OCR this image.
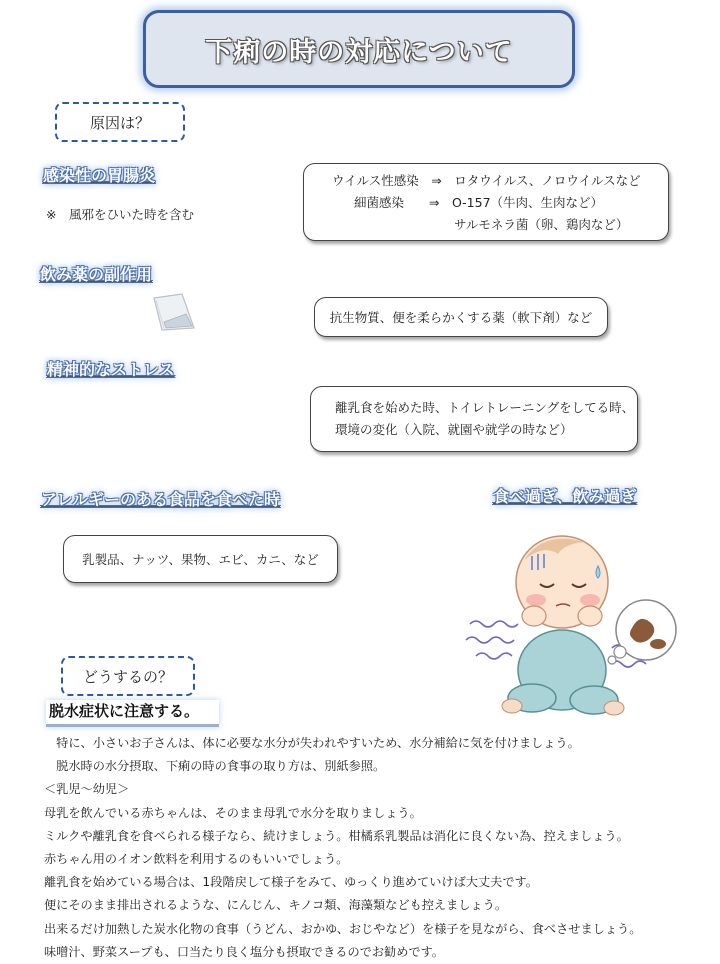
下痢の時の対応について
原因は？
感染性の胃腸炎
※　風邪をひいた時を含む
ウイルス性感染　⇒　ロタウイルス、ノロウイルスなど
細菌感染　　⇒　O-157（牛肉、生肉など）
サルモネラ菌（卵、鶏肉など）
飲み薬の副作用
抗生物質、便を柔らかくする薬（軟下剤）など
精神的なストレス
離乳食を始めた時、トイレトレーニングをしてる時、
環境の変化（入院、就園や就学の時など）
アレルギーのある食品を食べた時
乳製品、ナッツ、果物、エビ、カニ、など
食べ過ぎ、飲み過ぎ
どうするの？
脱水症状に注意する。
　特に、小さいお子さんは、体に必要な水分が失われやすいため、水分補給に気を付けましょう。
　脱水時の水分摂取、下痢の時の食事の取り方は、別紙参照。
＜乳児～幼児＞
母乳を飲んでいる赤ちゃんは、そのまま母乳で水分を取りましょう。
ミルクや離乳食を食べられる様子なら、続けましょう。柑橘系乳製品は消化に良くない為、控えましょう。
赤ちゃん用のイオン飲料を利用するのもいいでしょう。
離乳食を始めている場合は、1段階戻して様子をみて、ゆっくり進めていけば大丈夫です。
便にそのまま排出されるような、にんじん、キノコ類、海藻類なども控えましょう。
出来るだけ加熱した炭水化物の食事（うどん、おかゆ、おじやなど）を様子を見ながら、食べさせましょう。
味噌汁、野菜スープも、口当たり良く塩分も摂取できるのでお勧めです。
